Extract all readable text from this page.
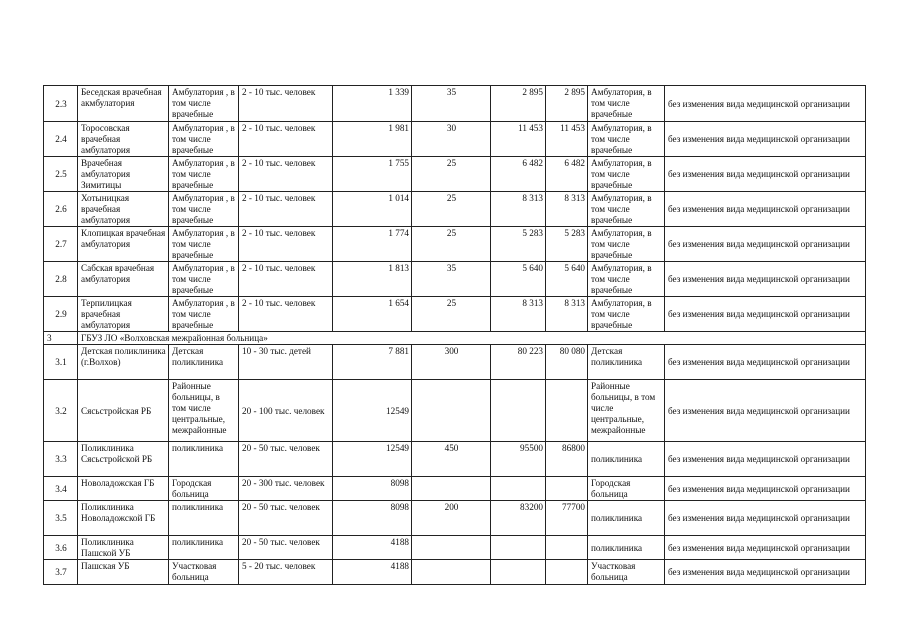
2.3	Беседская врачебная акмбулатория	Амбулатория , в том числе врачебные	2 - 10 тыс. человек	1 339	35	2 895	2 895	Амбулатория, в том числе врачебные	без изменения вида медицинской организации
2.4	Торосовская врачебная амбулатория	Амбулатория , в том числе врачебные	2 - 10 тыс. человек	1 981	30	11 453	11 453	Амбулатория, в том числе врачебные	без изменения вида медицинской организации
2.5	Врачебная амбулатория Зимитицы	Амбулатория , в том числе врачебные	2 - 10 тыс. человек	1 755	25	6 482	6 482	Амбулатория, в том числе врачебные	без изменения вида медицинской организации
2.6	Хотыницкая врачебная амбулатория	Амбулатория , в том числе врачебные	2 - 10 тыс. человек	1 014	25	8 313	8 313	Амбулатория, в том числе врачебные	без изменения вида медицинской организации
2.7	Клопицкая врачебная амбулатория	Амбулатория , в том числе врачебные	2 - 10 тыс. человек	1 774	25	5 283	5 283	Амбулатория, в том числе врачебные	без изменения вида медицинской организации
2.8	Сабская врачебная амбулатория	Амбулатория , в том числе врачебные	2 - 10 тыс. человек	1 813	35	5 640	5 640	Амбулатория, в том числе врачебные	без изменения вида медицинской организации
2.9	Терпилицкая врачебная амбулатория	Амбулатория , в том числе врачебные	2 - 10 тыс. человек	1 654	25	8 313	8 313	Амбулатория, в том числе врачебные	без изменения вида медицинской организации
3	ГБУЗ ЛО «Волховская межрайонная больница»								
3.1	Детская поликлиника (г.Волхов)	Детская поликлиника	10 - 30 тыс. детей	7 881	300	80 223	80 080	Детская поликлиника	без изменения вида медицинской организации
3.2	Сясьстройская РБ	Районные больницы, в том числе центральные, межрайонные	20 - 100 тыс. человек	12549				Районные больницы, в том числе центральные, межрайонные	без изменения вида медицинской организации
3.3	Поликлиника Сясьстройской РБ	поликлиника	20 - 50 тыс. человек	12549	450	95500	86800	поликлиника	без изменения вида медицинской организации
3.4	Новоладожская ГБ	Городская больница	20 - 300 тыс. человек	8098				Городская больница	без изменения вида медицинской организации
3.5	Поликлиника Новоладожской ГБ	поликлиника	20 - 50 тыс. человек	8098	200	83200	77700	поликлиника	без изменения вида медицинской организации
3.6	Поликлиника Пашской УБ	поликлиника	20 - 50 тыс. человек	4188				поликлиника	без изменения вида медицинской организации
3.7	Пашская УБ	Участковая больница	5 - 20 тыс. человек	4188				Участковая больница	без изменения вида медицинской организации
